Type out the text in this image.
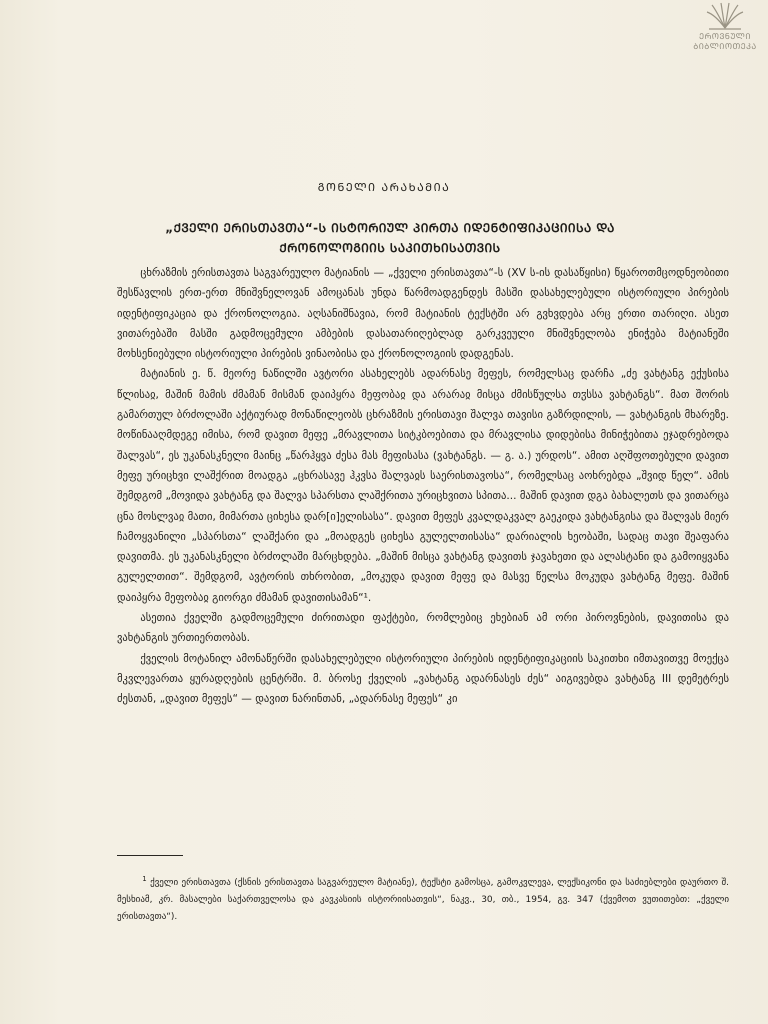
ᲔᲠᲝᲕᲜᲣᲚᲘ
ᲑᲘᲑᲚᲘᲝᲗᲔᲙᲐ
ᲒᲝᲜᲔᲚᲘ ᲐᲠᲐᲮᲐᲛᲘᲐ
„ᲥᲕᲔᲚᲘ ᲔᲠᲘᲡᲗᲐᲕᲗᲐ“-Ს ᲘᲡᲢᲝᲠᲘᲣᲚ ᲞᲘᲠᲗᲐ ᲘᲓᲔᲜᲢᲘᲤᲘᲙᲐᲪᲘᲘᲡᲐ ᲓᲐ ᲥᲠᲝᲜᲝᲚᲝᲒᲘᲘᲡ ᲡᲐᲙᲘᲗᲮᲘᲡᲐᲗᲕᲘᲡ

ცხრაზმის ერისთავთა საგვარეულო მატიანის — „ქველი ერისთავთა“-ს (XV ს-ის დასაწყისი) წყაროთმცოდნეობითი შესწავლის ერთ-ერთ მნიშვნელოვან ამოცანას უნდა წარმოადგენდეს მასში დასახელებული ისტორიული პირების იდენტიფიკაცია და ქრონოლოგია. აღსანიშნავია, რომ მატიანის ტექსტში არ გვხვდება არც ერთი თარიღი. ასეთ ვითარებაში მასში გადმოცემული ამბების დასათარიღებლად გარკვეული მნიშვნელობა ენიჭება მატიანეში მოხსენიებული ისტორიული პირების ვინაობისა და ქრონოლოგიის დადგენას.

მატიანის ე. წ. მეორე ნაწილში ავტორი ასახელებს ადარნასე მეფეს, რომელსაც დარჩა „ძე ვახტანგ ექუსისა წლისაჲ, მაშინ მამის ძმამან მისმან დაიპყრა მეფობაჲ და არარაჲ მისცა ძმისწულსა თჳსსა ვახტანგს“. მათ შორის გამართულ ბრძოლაში აქტიურად მონაწილეობს ცხრაზმის ერისთავი შალვა თავისი გაზრდილის, — ვახტანგის მხარეზე. მოწინააღმდეგე იმისა, რომ დავით მეფე „მრავლითა სიტკბოებითა და მრავლისა დიდებისა მინიჭებითა ეჯადრებოდა შალვას“, ეს უკანასკნელი მაინც „წარჰყვა ძესა მას მეფისასა (ვახტანგს. — გ. ა.) ურდოს“. ამით აღშფოთებული დავით მეფე ურიცხვი ლაშქრით მოადგა „ცხრასავე ჰკვსა შალვაჲს საერისთავოსა“, რომელსაც აოხრებდა „შვიდ წელ“. ამის შემდგომ „მოვიდა ვახტანგ და შალვა სპარსთა ლაშქრითა ურიცხვითა სპითა... მაშინ დავით დგა ბახალეთს და ვითარცა ცნა მოსლვაჲ მათი, მიმართა ციხესა დარ[ი]ელისასა“. დავით მეფეს კვალდაკვალ გაეკიდა ვახტანგისა და შალვას მიერ ჩამოყვანილი „სპარსთა“ ლაშქარი და „მოადგეს ციხესა გულელთისასა“ დარიალის ხეობაში, სადაც თავი შეაფარა დავითმა. ეს უკანასკნელი ბრძოლაში მარცხდება. „მაშინ მისცა ვახტანგ დავითს ჯავახეთი და ალასტანი და გამოიყვანა გულელთით“. შემდგომ, ავტორის თხრობით, „მოკუდა დავით მეფე და მასვე წელსა მოკუდა ვახტანგ მეფე. მაშინ დაიპყრა მეფობაჲ გიორგი ძმამან დავითისამან“¹.

ასეთია ქველში გადმოცემული ძირითადი ფაქტები, რომლებიც ეხებიან ამ ორი პიროვნების, დავითისა და ვახტანგის ურთიერთობას.

ქველის მოტანილ ამონაწერში დასახელებული ისტორიული პირების იდენტიფიკაციის საკითხი იმთავითვე მოექცა მკვლევართა ყურადღების ცენტრში. მ. ბროსე ქველის „ვახტანგ ადარნასეს ძეს“ აიგივებდა ვახტანგ III დემეტრეს ძესთან, „დავით მეფეს“ — დავით ნარინთან, „ადარნასე მეფეს“ კი

$^1$ ქველი ერისთავთა (ქსნის ერისთავთა საგვარეულო მატიანე), ტექსტი გამოსცა, გამოკვლევა, ლექსიკონი და საძიებლები დაურთო შ. მესხიამ, კრ. მასალები საქართველოსა და კავკასიის ისტორიისათვის“, ნაკვ., 30, თბ., 1954, გვ. 347 (ქვემოთ ვუთითებთ: „ქველი ერისთავთა“).
